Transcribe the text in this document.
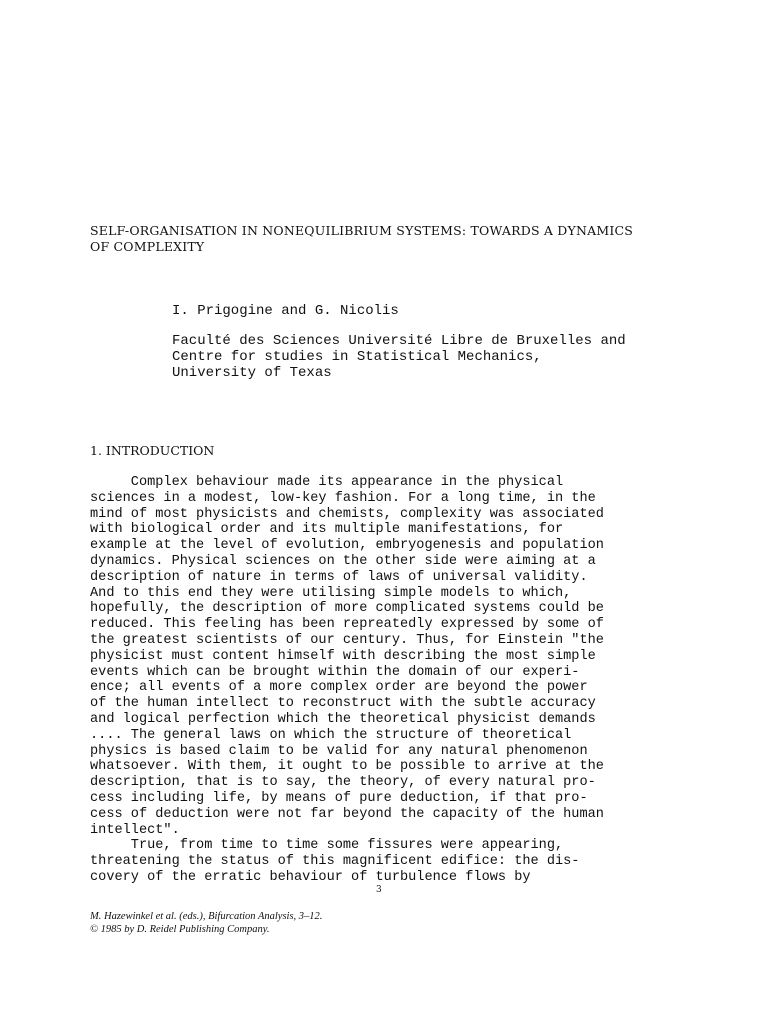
SELF-ORGANISATION IN NONEQUILIBRIUM SYSTEMS: TOWARDS A DYNAMICS
OF COMPLEXITY
I. Prigogine and G. Nicolis
Faculté des Sciences Université Libre de Bruxelles and
Centre for studies in Statistical Mechanics,
University of Texas
1. INTRODUCTION
Complex behaviour made its appearance in the physical
sciences in a modest, low-key fashion. For a long time, in the
mind of most physicists and chemists, complexity was associated
with biological order and its multiple manifestations, for
example at the level of evolution, embryogenesis and population
dynamics. Physical sciences on the other side were aiming at a
description of nature in terms of laws of universal validity.
And to this end they were utilising simple models to which,
hopefully, the description of more complicated systems could be
reduced. This feeling has been repreatedly expressed by some of
the greatest scientists of our century. Thus, for Einstein "the
physicist must content himself with describing the most simple
events which can be brought within the domain of our experi-
ence; all events of a more complex order are beyond the power
of the human intellect to reconstruct with the subtle accuracy
and logical perfection which the theoretical physicist demands
.... The general laws on which the structure of theoretical
physics is based claim to be valid for any natural phenomenon
whatsoever. With them, it ought to be possible to arrive at the
description, that is to say, the theory, of every natural pro-
cess including life, by means of pure deduction, if that pro-
cess of deduction were not far beyond the capacity of the human
intellect".
True, from time to time some fissures were appearing,
threatening the status of this magnificent edifice: the dis-
covery of the erratic behaviour of turbulence flows by
3
M. Hazewinkel et al. (eds.), Bifurcation Analysis, 3–12.
© 1985 by D. Reidel Publishing Company.
